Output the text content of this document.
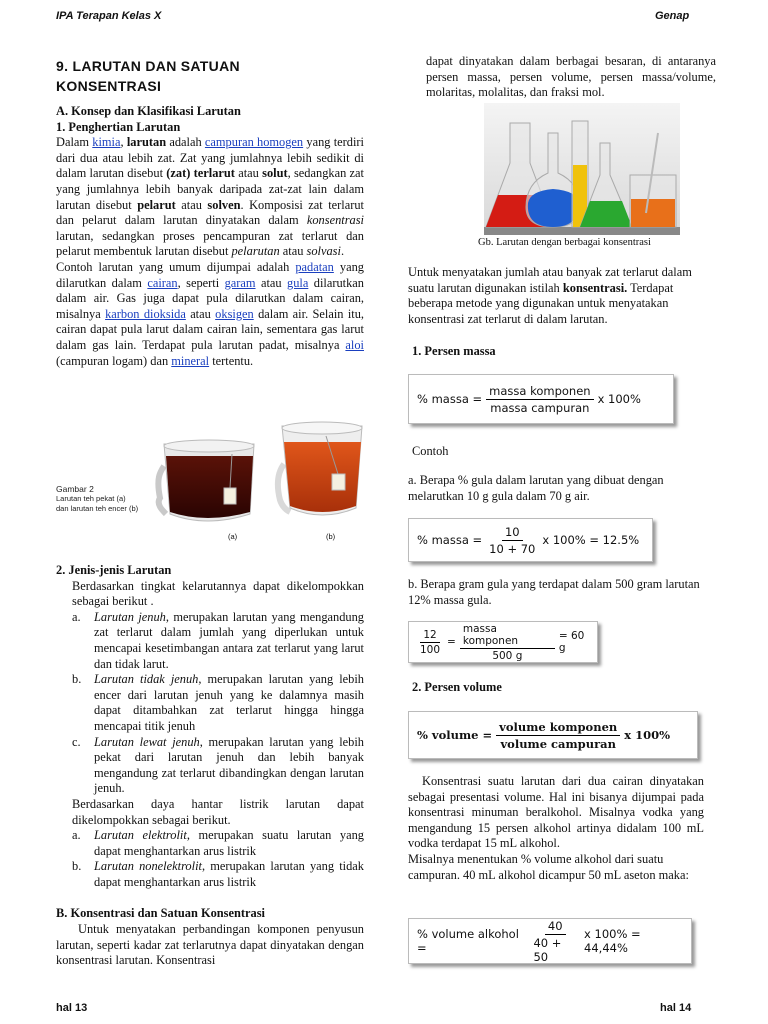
IPA Terapan Kelas X	Genap
hal 13	hal 14
9. LARUTAN DAN SATUAN
KONSENTRASI

A. Konsep dan Klasifikasi Larutan

1. Penghertian Larutan

Dalam kimia, larutan adalah campuran homogen yang terdiri dari dua atau lebih zat. Zat yang jumlahnya lebih sedikit di dalam larutan disebut (zat) terlarut atau solut, sedangkan zat yang jumlahnya lebih banyak daripada zat-zat lain dalam larutan disebut pelarut atau solven. Komposisi zat terlarut dan pelarut dalam larutan dinyatakan dalam konsentrasi larutan, sedangkan proses pencampuran zat terlarut dan pelarut membentuk larutan disebut pelarutan atau solvasi.

Contoh larutan yang umum dijumpai adalah padatan yang dilarutkan dalam cairan, seperti garam atau gula dilarutkan dalam air. Gas juga dapat pula dilarutkan dalam cairan, misalnya karbon dioksida atau oksigen dalam air. Selain itu, cairan dapat pula larut dalam cairan lain, sementara gas larut dalam gas lain. Terdapat pula larutan padat, misalnya aloi (campuran logam) dan mineral tertentu.

Gambar 2
Larutan teh pekat (a)
dan larutan teh encer (b)
(a)	(b)

2. Jenis-jenis Larutan

Berdasarkan tingkat kelarutannya dapat dikelompokkan sebagai berikut .

a.	Larutan jenuh, merupakan larutan yang mengandung zat terlarut dalam jumlah yang diperlukan untuk mencapai kesetimbangan antara zat terlarut yang larut dan tidak larut.
b.	Larutan tidak jenuh, merupakan larutan yang lebih encer dari larutan jenuh yang ke dalamnya masih dapat ditambahkan zat terlarut hingga hingga mencapai titik jenuh
c.	Larutan lewat jenuh, merupakan larutan yang lebih pekat dari larutan jenuh dan lebih banyak mengandung zat terlarut dibandingkan dengan larutan jenuh.

Berdasarkan daya hantar listrik larutan dapat dikelompokkan sebagai berikut.

a.	Larutan elektrolit, merupakan suatu larutan yang dapat menghantarkan arus listrik
b.	Larutan nonelektrolit, merupakan larutan yang tidak dapat menghantarkan arus listrik

B. Konsentrasi dan Satuan Konsentrasi

Untuk menyatakan perbandingan komponen penyusun larutan, seperti kadar zat terlarutnya dapat dinyatakan dengan konsentrasi larutan. Konsentrasi

dapat dinyatakan dalam berbagai besaran, di antaranya persen massa, persen volume, persen massa/volume, molaritas, molalitas, dan fraksi mol.
Gb. Larutan dengan berbagai konsentrasi

Untuk menyatakan jumlah atau banyak zat terlarut dalam suatu larutan digunakan istilah konsentrasi. Terdapat beberapa metode yang digunakan untuk menyatakan konsentrasi zat terlarut di dalam larutan.

1. Persen massa
% massa = $\frac{\text{massa komponen}}{\text{massa campuran}}$ x 100%
Contoh
a. Berapa % gula dalam larutan yang dibuat dengan melarutkan 10 g gula dalam 70 g air.
% massa = $\frac{10}{10 + 70}$ x 100% = 12.5%
b. Berapa gram gula yang terdapat dalam 500 gram larutan 12% massa gula.
$\frac{12}{100} = \frac{\text{massa komponen}}{500 g} = 60$ g
2. Persen volume
% volume = $\frac{\text{volume komponen}}{\text{volume campuran}}$ x 100%

Konsentrasi suatu larutan dari dua cairan dinyatakan sebagai presentasi volume. Hal ini bisanya dijumpai pada konsentrasi minuman beralkohol. Misalnya vodka yang mengandung 15 persen alkohol artinya didalam 100 mL vodka terdapat 15 mL alkohol.

Misalnya menentukan % volume alkohol dari suatu campuran. 40 mL alkohol dicampur 50 mL aseton maka:

% volume alkohol =	$\frac{40}{40 + 50}$ x 100% = 44,44%
